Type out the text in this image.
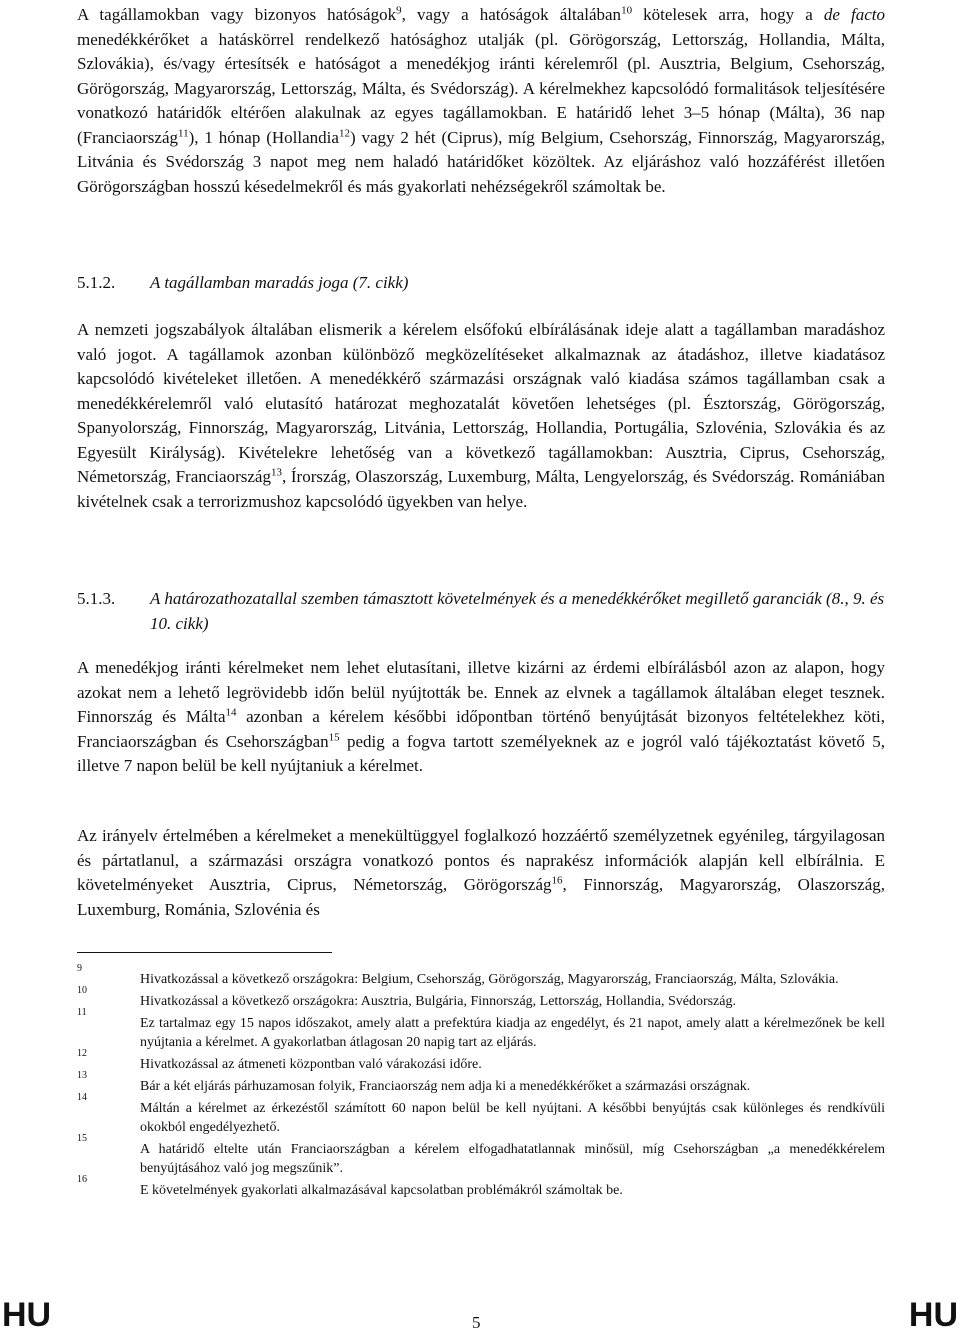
A tagállamokban vagy bizonyos hatóságok$^9$, vagy a hatóságok általában$^{10}$ kötelesek arra, hogy a de facto menedékkérőket a hatáskörrel rendelkező hatósághoz utalják (pl. Görögország, Lettország, Hollandia, Málta, Szlovákia), és/vagy értesítsék e hatóságot a menedékjog iránti kérelemről (pl. Ausztria, Belgium, Csehország, Görögország, Magyarország, Lettország, Málta, és Svédország). A kérelmekhez kapcsolódó formalitások teljesítésére vonatkozó határidők eltérően alakulnak az egyes tagállamokban. E határidő lehet 3–5 hónap (Málta), 36 nap (Franciaország$^{11}$), 1 hónap (Hollandia$^{12}$) vagy 2 hét (Ciprus), míg Belgium, Csehország, Finnország, Magyarország, Litvánia és Svédország 3 napot meg nem haladó határidőket közöltek. Az eljáráshoz való hozzáférést illetően Görögországban hosszú késedelmekről és más gyakorlati nehézségekről számoltak be.

5.1.2.	A tagállamban maradás joga (7. cikk)

A nemzeti jogszabályok általában elismerik a kérelem elsőfokú elbírálásának ideje alatt a tagállamban maradáshoz való jogot. A tagállamok azonban különböző megközelítéseket alkalmaznak az átadáshoz, illetve kiadatásoz kapcsolódó kivételeket illetően. A menedékkérő származási országnak való kiadása számos tagállamban csak a menedékkérelemről való elutasító határozat meghozatalát követően lehetséges (pl. Észtország, Görögország, Spanyolország, Finnország, Magyarország, Litvánia, Lettország, Hollandia, Portugália, Szlovénia, Szlovákia és az Egyesült Királyság). Kivételekre lehetőség van a következő tagállamokban: Ausztria, Ciprus, Csehország, Németország, Franciaország$^{13}$, Írország, Olaszország, Luxemburg, Málta, Lengyelország, és Svédország. Romániában kivételnek csak a terrorizmushoz kapcsolódó ügyekben van helye.

5.1.3.	A határozathozatallal szemben támasztott követelmények és a menedékkérőket megillető garanciák (8., 9. és 10. cikk)

A menedékjog iránti kérelmeket nem lehet elutasítani, illetve kizárni az érdemi elbírálásból azon az alapon, hogy azokat nem a lehető legrövidebb időn belül nyújtották be. Ennek az elvnek a tagállamok általában eleget tesznek. Finnország és Málta$^{14}$ azonban a kérelem későbbi időpontban történő benyújtását bizonyos feltételekhez köti, Franciaországban és Csehországban$^{15}$ pedig a fogva tartott személyeknek az e jogról való tájékoztatást követő 5, illetve 7 napon belül be kell nyújtaniuk a kérelmet.

Az irányelv értelmében a kérelmeket a menekültüggyel foglalkozó hozzáértő személyzetnek egyénileg, tárgyilagosan és pártatlanul, a származási országra vonatkozó pontos és naprakész információk alapján kell elbírálnia. E követelményeket Ausztria, Ciprus, Németország, Görögország$^{16}$, Finnország, Magyarország, Olaszország, Luxemburg, Románia, Szlovénia és

9
Hivatkozással a következő országokra: Belgium, Csehország, Görögország, Magyarország, Franciaország, Málta, Szlovákia.
10
Hivatkozással a következő országokra: Ausztria, Bulgária, Finnország, Lettország, Hollandia, Svédország.
11
Ez tartalmaz egy 15 napos időszakot, amely alatt a prefektúra kiadja az engedélyt, és 21 napot, amely alatt a kérelmezőnek be kell nyújtania a kérelmet. A gyakorlatban átlagosan 20 napig tart az eljárás.
12
Hivatkozással az átmeneti központban való várakozási időre.
13
Bár a két eljárás párhuzamosan folyik, Franciaország nem adja ki a menedékkérőket a származási országnak.
14
Máltán a kérelmet az érkezéstől számított 60 napon belül be kell nyújtani. A későbbi benyújtás csak különleges és rendkívüli okokból engedélyezhető.
15
A határidő eltelte után Franciaországban a kérelem elfogadhatatlannak minősül, míg Csehországban „a menedékkérelem benyújtásához való jog megszűnik”.
16
E követelmények gyakorlati alkalmazásával kapcsolatban problémákról számoltak be.
HU	5	HU
